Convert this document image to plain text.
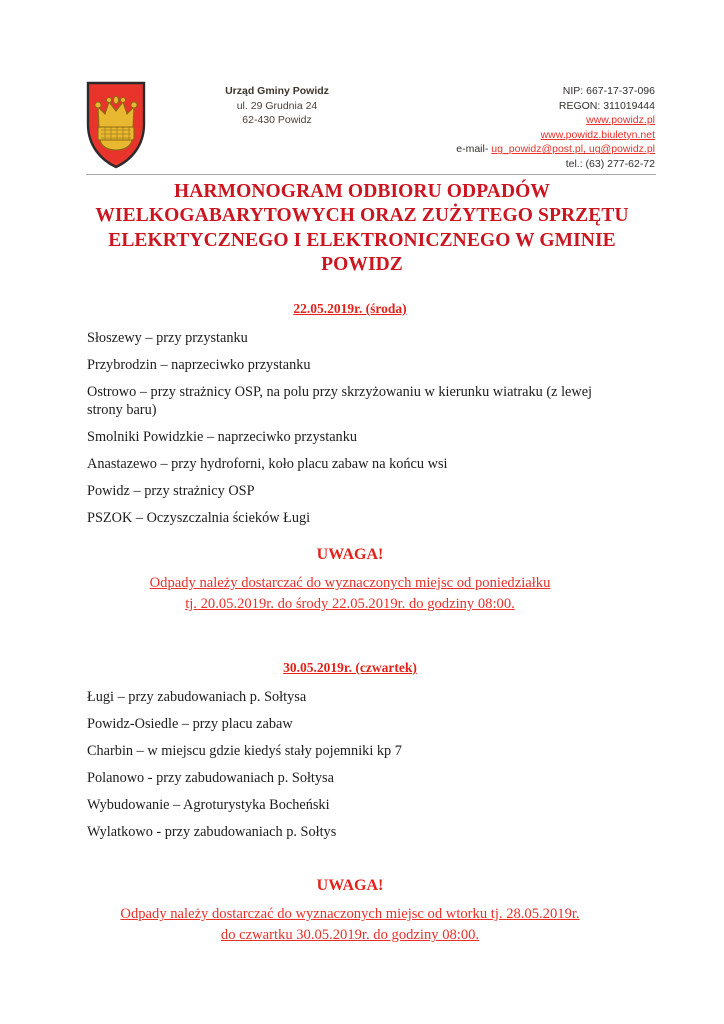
Urząd Gminy Powidz
ul. 29 Grudnia 24
62-430 Powidz
NIP: 667-17-37-096
REGON: 311019444
www.powidz.pl
www.powidz.biuletyn.net
e-mail- ug_powidz@post.pl, ug@powidz.pl
tel.: (63) 277-62-72
HARMONOGRAM ODBIORU ODPADÓW
WIELKOGABARYTOWYCH ORAZ ZUŻYTEGO SPRZĘTU
ELEKRTYCZNEGO I ELEKTRONICZNEGO W GMINIE
POWIDZ
22.05.2019r. (środa)
Słoszewy – przy przystanku
Przybrodzin – naprzeciwko przystanku
Ostrowo – przy strażnicy OSP, na polu przy skrzyżowaniu w kierunku wiatraku (z lewej strony baru)
Smolniki Powidzkie – naprzeciwko przystanku
Anastazewo – przy hydroforni, koło placu zabaw na końcu wsi
Powidz – przy strażnicy OSP
PSZOK – Oczyszczalnia ścieków Ługi
UWAGA!
Odpady należy dostarczać do wyznaczonych miejsc od poniedziałku
tj. 20.05.2019r. do środy 22.05.2019r. do godziny 08:00.
30.05.2019r. (czwartek)
Ługi – przy zabudowaniach p. Sołtysa
Powidz-Osiedle – przy placu zabaw
Charbin – w miejscu gdzie kiedyś stały pojemniki kp 7
Polanowo - przy zabudowaniach p. Sołtysa
Wybudowanie – Agroturystyka Bocheński
Wylatkowo - przy zabudowaniach p. Sołtys
UWAGA!
Odpady należy dostarczać do wyznaczonych miejsc od wtorku tj. 28.05.2019r.
do czwartku 30.05.2019r. do godziny 08:00.
